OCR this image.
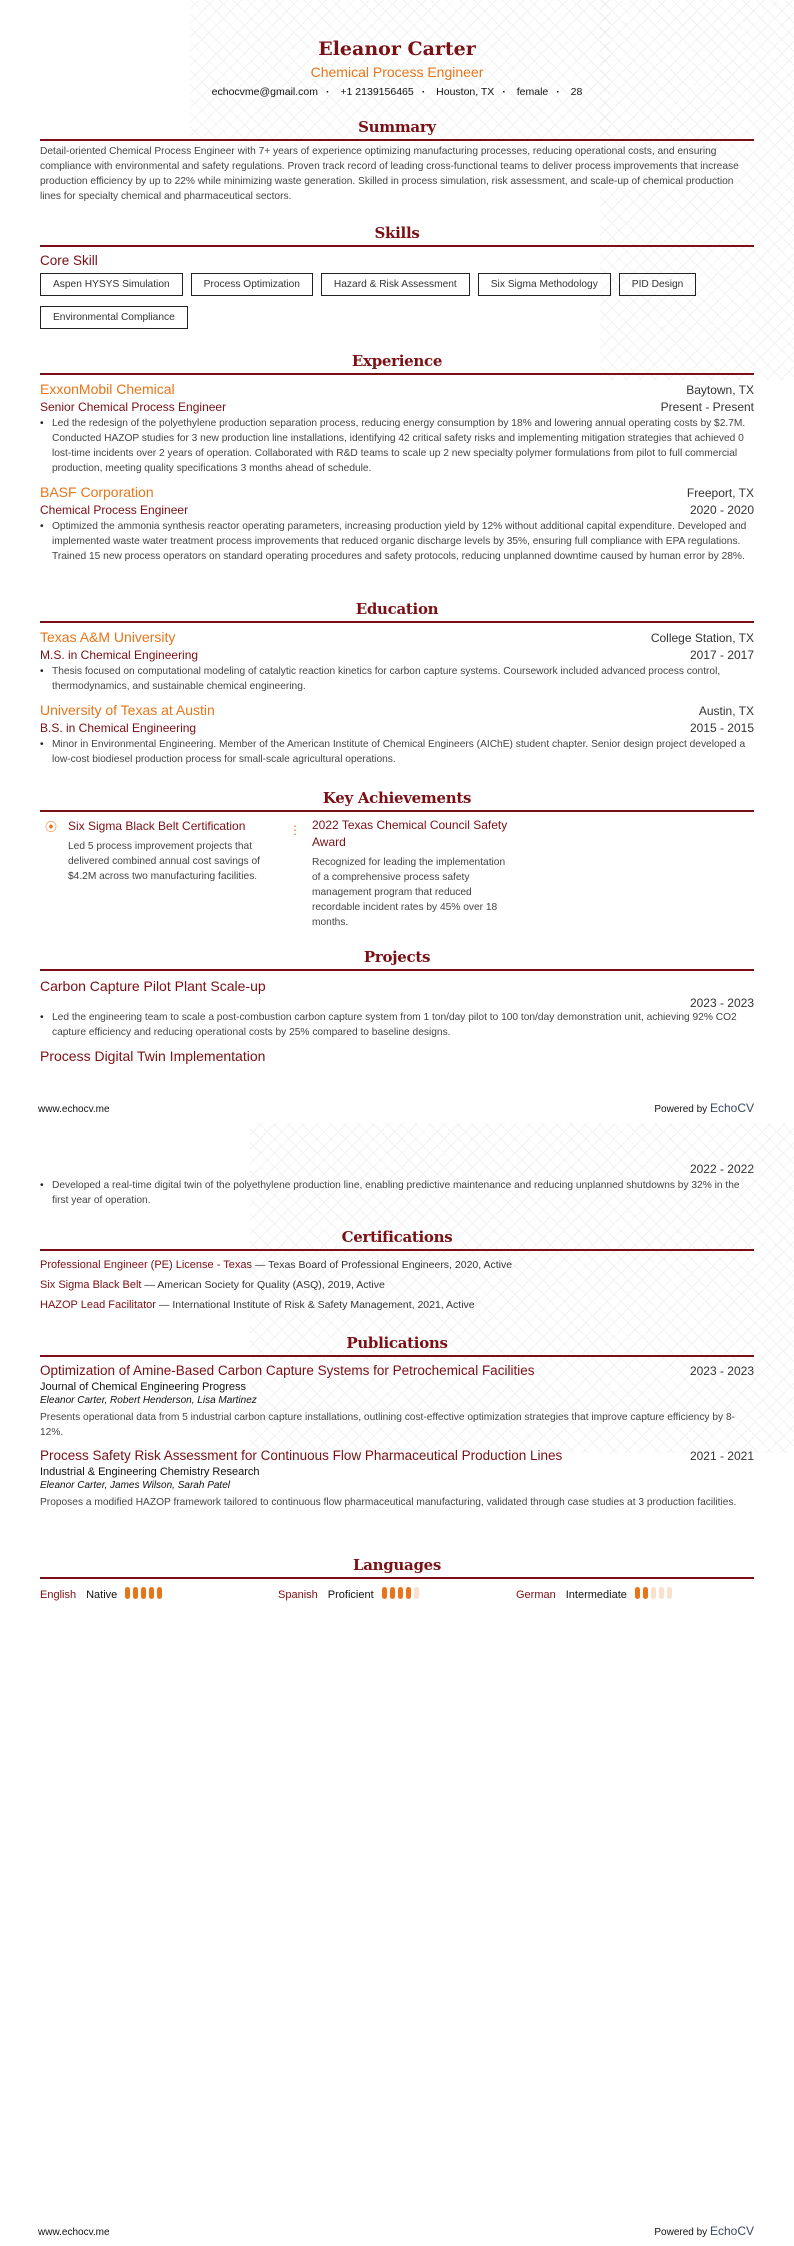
Eleanor Carter
Chemical Process Engineer
echocvme@gmail.com · +1 2139156465 · Houston, TX · female · 28
Summary
Detail-oriented Chemical Process Engineer with 7+ years of experience optimizing manufacturing processes, reducing operational costs, and ensuring compliance with environmental and safety regulations. Proven track record of leading cross-functional teams to deliver process improvements that increase production efficiency by up to 22% while minimizing waste generation. Skilled in process simulation, risk assessment, and scale-up of chemical production lines for specialty chemical and pharmaceutical sectors.
Skills
Core Skill
Aspen HYSYS Simulation	Process Optimization	Hazard & Risk Assessment	Six Sigma Methodology	PID Design
Environmental Compliance
Experience
ExxonMobil Chemical	Baytown, TX
Senior Chemical Process Engineer	Present - Present
• Led the redesign of the polyethylene production separation process, reducing energy consumption by 18% and lowering annual operating costs by $2.7M. Conducted HAZOP studies for 3 new production line installations, identifying 42 critical safety risks and implementing mitigation strategies that achieved 0 lost-time incidents over 2 years of operation. Collaborated with R&D teams to scale up 2 new specialty polymer formulations from pilot to full commercial production, meeting quality specifications 3 months ahead of schedule.
BASF Corporation	Freeport, TX
Chemical Process Engineer	2020 - 2020
• Optimized the ammonia synthesis reactor operating parameters, increasing production yield by 12% without additional capital expenditure. Developed and implemented waste water treatment process improvements that reduced organic discharge levels by 35%, ensuring full compliance with EPA regulations. Trained 15 new process operators on standard operating procedures and safety protocols, reducing unplanned downtime caused by human error by 28%.
Education
Texas A&M University	College Station, TX
M.S. in Chemical Engineering	2017 - 2017
• Thesis focused on computational modeling of catalytic reaction kinetics for carbon capture systems. Coursework included advanced process control, thermodynamics, and sustainable chemical engineering.
University of Texas at Austin	Austin, TX
B.S. in Chemical Engineering	2015 - 2015
• Minor in Environmental Engineering. Member of the American Institute of Chemical Engineers (AIChE) student chapter. Senior design project developed a low-cost biodiesel production process for small-scale agricultural operations.
Key Achievements
⦿ Six Sigma Black Belt Certification
Led 5 process improvement projects that delivered combined annual cost savings of $4.2M across two manufacturing facilities.
⋮ 2022 Texas Chemical Council Safety Award
Recognized for leading the implementation of a comprehensive process safety management program that reduced recordable incident rates by 45% over 18 months.
Projects
Carbon Capture Pilot Plant Scale-up
2023 - 2023
• Led the engineering team to scale a post-combustion carbon capture system from 1 ton/day pilot to 100 ton/day demonstration unit, achieving 92% CO2 capture efficiency and reducing operational costs by 25% compared to baseline designs.
Process Digital Twin Implementation
www.echocv.me	Powered by EchoCV
2022 - 2022
• Developed a real-time digital twin of the polyethylene production line, enabling predictive maintenance and reducing unplanned shutdowns by 32% in the first year of operation.
Certifications
Professional Engineer (PE) License - Texas — Texas Board of Professional Engineers, 2020, Active
Six Sigma Black Belt — American Society for Quality (ASQ), 2019, Active
HAZOP Lead Facilitator — International Institute of Risk & Safety Management, 2021, Active
Publications
Optimization of Amine-Based Carbon Capture Systems for Petrochemical Facilities	2023 - 2023
Journal of Chemical Engineering Progress
Eleanor Carter, Robert Henderson, Lisa Martinez
Presents operational data from 5 industrial carbon capture installations, outlining cost-effective optimization strategies that improve capture efficiency by 8-12%.
Process Safety Risk Assessment for Continuous Flow Pharmaceutical Production Lines	2021 - 2021
Industrial & Engineering Chemistry Research
Eleanor Carter, James Wilson, Sarah Patel
Proposes a modified HAZOP framework tailored to continuous flow pharmaceutical manufacturing, validated through case studies at 3 production facilities.
Languages
English Native	Spanish Proficient	German Intermediate
www.echocv.me	Powered by EchoCV
